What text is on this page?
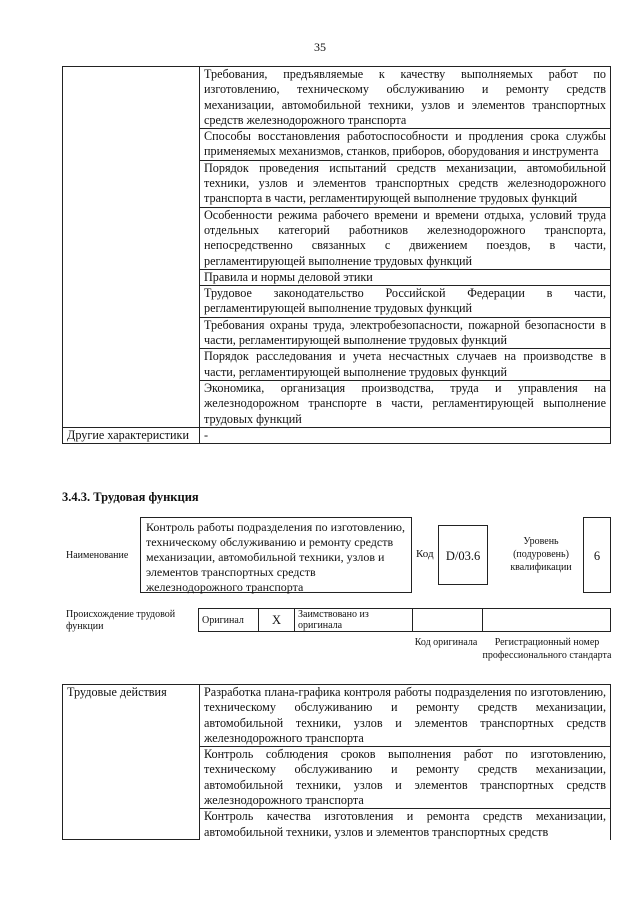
35
	Требования, предъявляемые к качеству выполняемых работ по изготовлению, техническому обслуживанию и ремонту средств механизации, автомобильной техники, узлов и элементов транспортных средств железнодорожного транспорта
	Способы восстановления работоспособности и продления срока службы применяемых механизмов, станков, приборов, оборудования и инструмента
	Порядок проведения испытаний средств механизации, автомобильной техники, узлов и элементов транспортных средств железнодорожного транспорта в части, регламентирующей выполнение трудовых функций
	Особенности режима рабочего времени и времени отдыха, условий труда отдельных категорий работников железнодорожного транспорта, непосредственно связанных с движением поездов, в части, регламентирующей выполнение трудовых функций
	Правила и нормы деловой этики
	Трудовое законодательство Российской Федерации в части, регламентирующей выполнение трудовых функций
	Требования охраны труда, электробезопасности, пожарной безопасности в части, регламентирующей выполнение трудовых функций
	Порядок расследования и учета несчастных случаев на производстве в части, регламентирующей выполнение трудовых функций
	Экономика, организация производства, труда и управления на железнодорожном транспорте в части, регламентирующей выполнение трудовых функций
Другие характеристики	-
3.4.3. Трудовая функция
Наименование
Контроль работы подразделения по изготовлению, техническому обслуживанию и ремонту средств механизации, автомобильной техники, узлов и элементов транспортных средств железнодорожного транспорта
Код D/03.6
Уровень (подуровень) квалификации
6
Происхождение трудовой функции
Оригинал	X	Заимствовано из оригинала		
Код оригинала	Регистрационный номер профессионального стандарта
Трудовые действия	Разработка плана-графика контроля работы подразделения по изготовлению, техническому обслуживанию и ремонту средств механизации, автомобильной техники, узлов и элементов транспортных средств железнодорожного транспорта
Контроль соблюдения сроков выполнения работ по изготовлению, техническому обслуживанию и ремонту средств механизации, автомобильной техники, узлов и элементов транспортных средств железнодорожного транспорта
Контроль качества изготовления и ремонта средств механизации, автомобильной техники, узлов и элементов транспортных средств
